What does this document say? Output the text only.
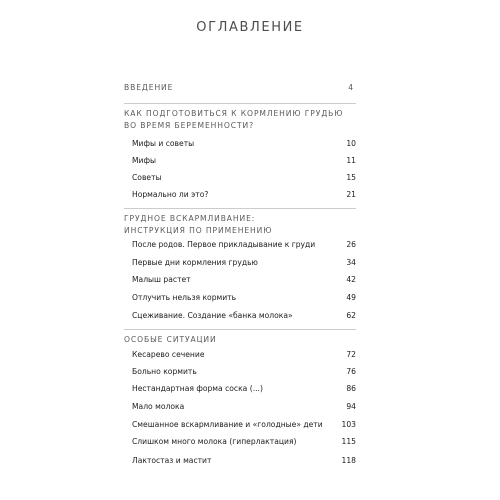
ОГЛАВЛЕНИЕ
ВВЕДЕНИЕ	4
КАК ПОДГОТОВИТЬСЯ К КОРМЛЕНИЮ ГРУДЬЮ
ВО ВРЕМЯ БЕРЕМЕННОСТИ?
Мифы и советы	10
Мифы	11
Советы	15
Нормально ли это?	21
ГРУДНОЕ ВСКАРМЛИВАНИЕ:
ИНСТРУКЦИЯ ПО ПРИМЕНЕНИЮ
После родов. Первое прикладывание к груди	26
Первые дни кормления грудью	34
Малыш растет	42
Отлучить нельзя кормить	49
Сцеживание. Создание «банка молока»	62
ОСОБЫЕ СИТУАЦИИ
Кесарево сечение	72
Больно кормить	76
Нестандартная форма соска (...)	86
Мало молока	94
Смешанное вскармливание и «голодные» дети 103
Слишком много молока (гиперлактация)	115
Лактостаз и мастит	118
